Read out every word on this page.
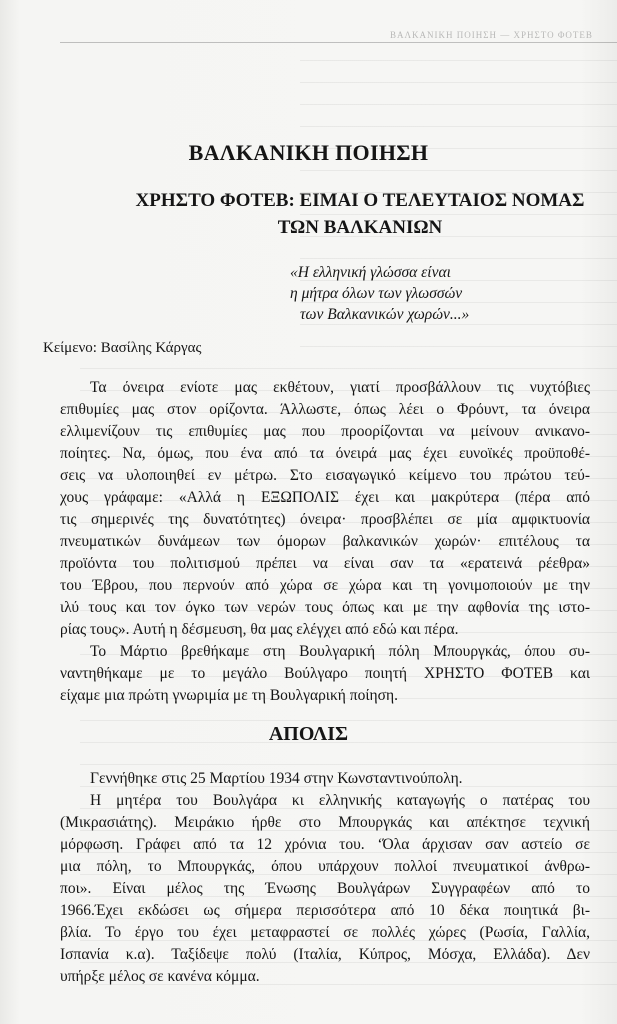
ΒΑΛΚΑΝΙΚΗ ΠΟΙΗΣΗ — ΧΡΗΣΤΟ ΦΟΤΕΒ
ΒΑΛΚΑΝΙΚΗ ΠΟΙΗΣΗ
ΧΡΗΣΤΟ ΦΟΤΕΒ: ΕΙΜΑΙ Ο ΤΕΛΕΥΤΑΙΟΣ ΝΟΜΑΣ
ΤΩΝ ΒΑΛΚΑΝΙΩΝ
«Η ελληνική γλώσσα είναι
η μήτρα όλων των γλωσσών
των Βαλκανικών χωρών...»

Κείμενο: Βασίλης Κάργας

Τα όνειρα ενίοτε μας εκθέτουν, γιατί προσβάλλουν τις νυχτόβιες
επιθυμίες μας στον ορίζοντα. Άλλωστε, όπως λέει ο Φρόυντ, τα όνειρα
ελλιμενίζουν τις επιθυμίες μας που προορίζονται να μείνουν ανικανο-
ποίητες. Να, όμως, που ένα από τα όνειρά μας έχει ευνοϊκές προϋποθέ-
σεις να υλοποιηθεί εν μέτρω. Στο εισαγωγικό κείμενο του πρώτου τεύ-
χους γράφαμε: «Αλλά η ΕΞΩΠΟΛΙΣ έχει και μακρύτερα (πέρα από
τις σημερινές της δυνατότητες) όνειρα· προσβλέπει σε μία αμφικτυονία
πνευματικών δυνάμεων των όμορων βαλκανικών χωρών· επιτέλους τα
προϊόντα του πολιτισμού πρέπει να είναι σαν τα «ερατεινά ρέεθρα»
του Έβρου, που περνούν από χώρα σε χώρα και τη γονιμοποιούν με την
ιλύ τους και τον όγκο των νερών τους όπως και με την αφθονία της ιστο-
ρίας τους». Αυτή η δέσμευση, θα μας ελέγχει από εδώ και πέρα.
Το Μάρτιο βρεθήκαμε στη Βουλγαρική πόλη Μπουργκάς, όπου συ-
ναντηθήκαμε με το μεγάλο Βούλγαρο ποιητή ΧΡΗΣΤΟ ΦΟΤΕΒ και
είχαμε μια πρώτη γνωριμία με τη Βουλγαρική ποίηση.
ΑΠΟΛΙΣ
Γεννήθηκε στις 25 Μαρτίου 1934 στην Κωνσταντινούπολη.
Η μητέρα του Βουλγάρα κι ελληνικής καταγωγής ο πατέρας του
(Μικρασιάτης). Μειράκιο ήρθε στο Μπουργκάς και απέκτησε τεχνική
μόρφωση. Γράφει από τα 12 χρόνια του. ‘Όλα άρχισαν σαν αστείο σε
μια πόλη, το Μπουργκάς, όπου υπάρχουν πολλοί πνευματικοί άνθρω-
ποι». Είναι μέλος της Ένωσης Βουλγάρων Συγγραφέων από το
1966.Έχει εκδώσει ως σήμερα περισσότερα από 10 δέκα ποιητικά βι-
βλία. Το έργο του έχει μεταφραστεί σε πολλές χώρες (Ρωσία, Γαλλία,
Ισπανία κ.α). Ταξίδεψε πολύ (Ιταλία, Κύπρος, Μόσχα, Ελλάδα). Δεν
υπήρξε μέλος σε κανένα κόμμα.
